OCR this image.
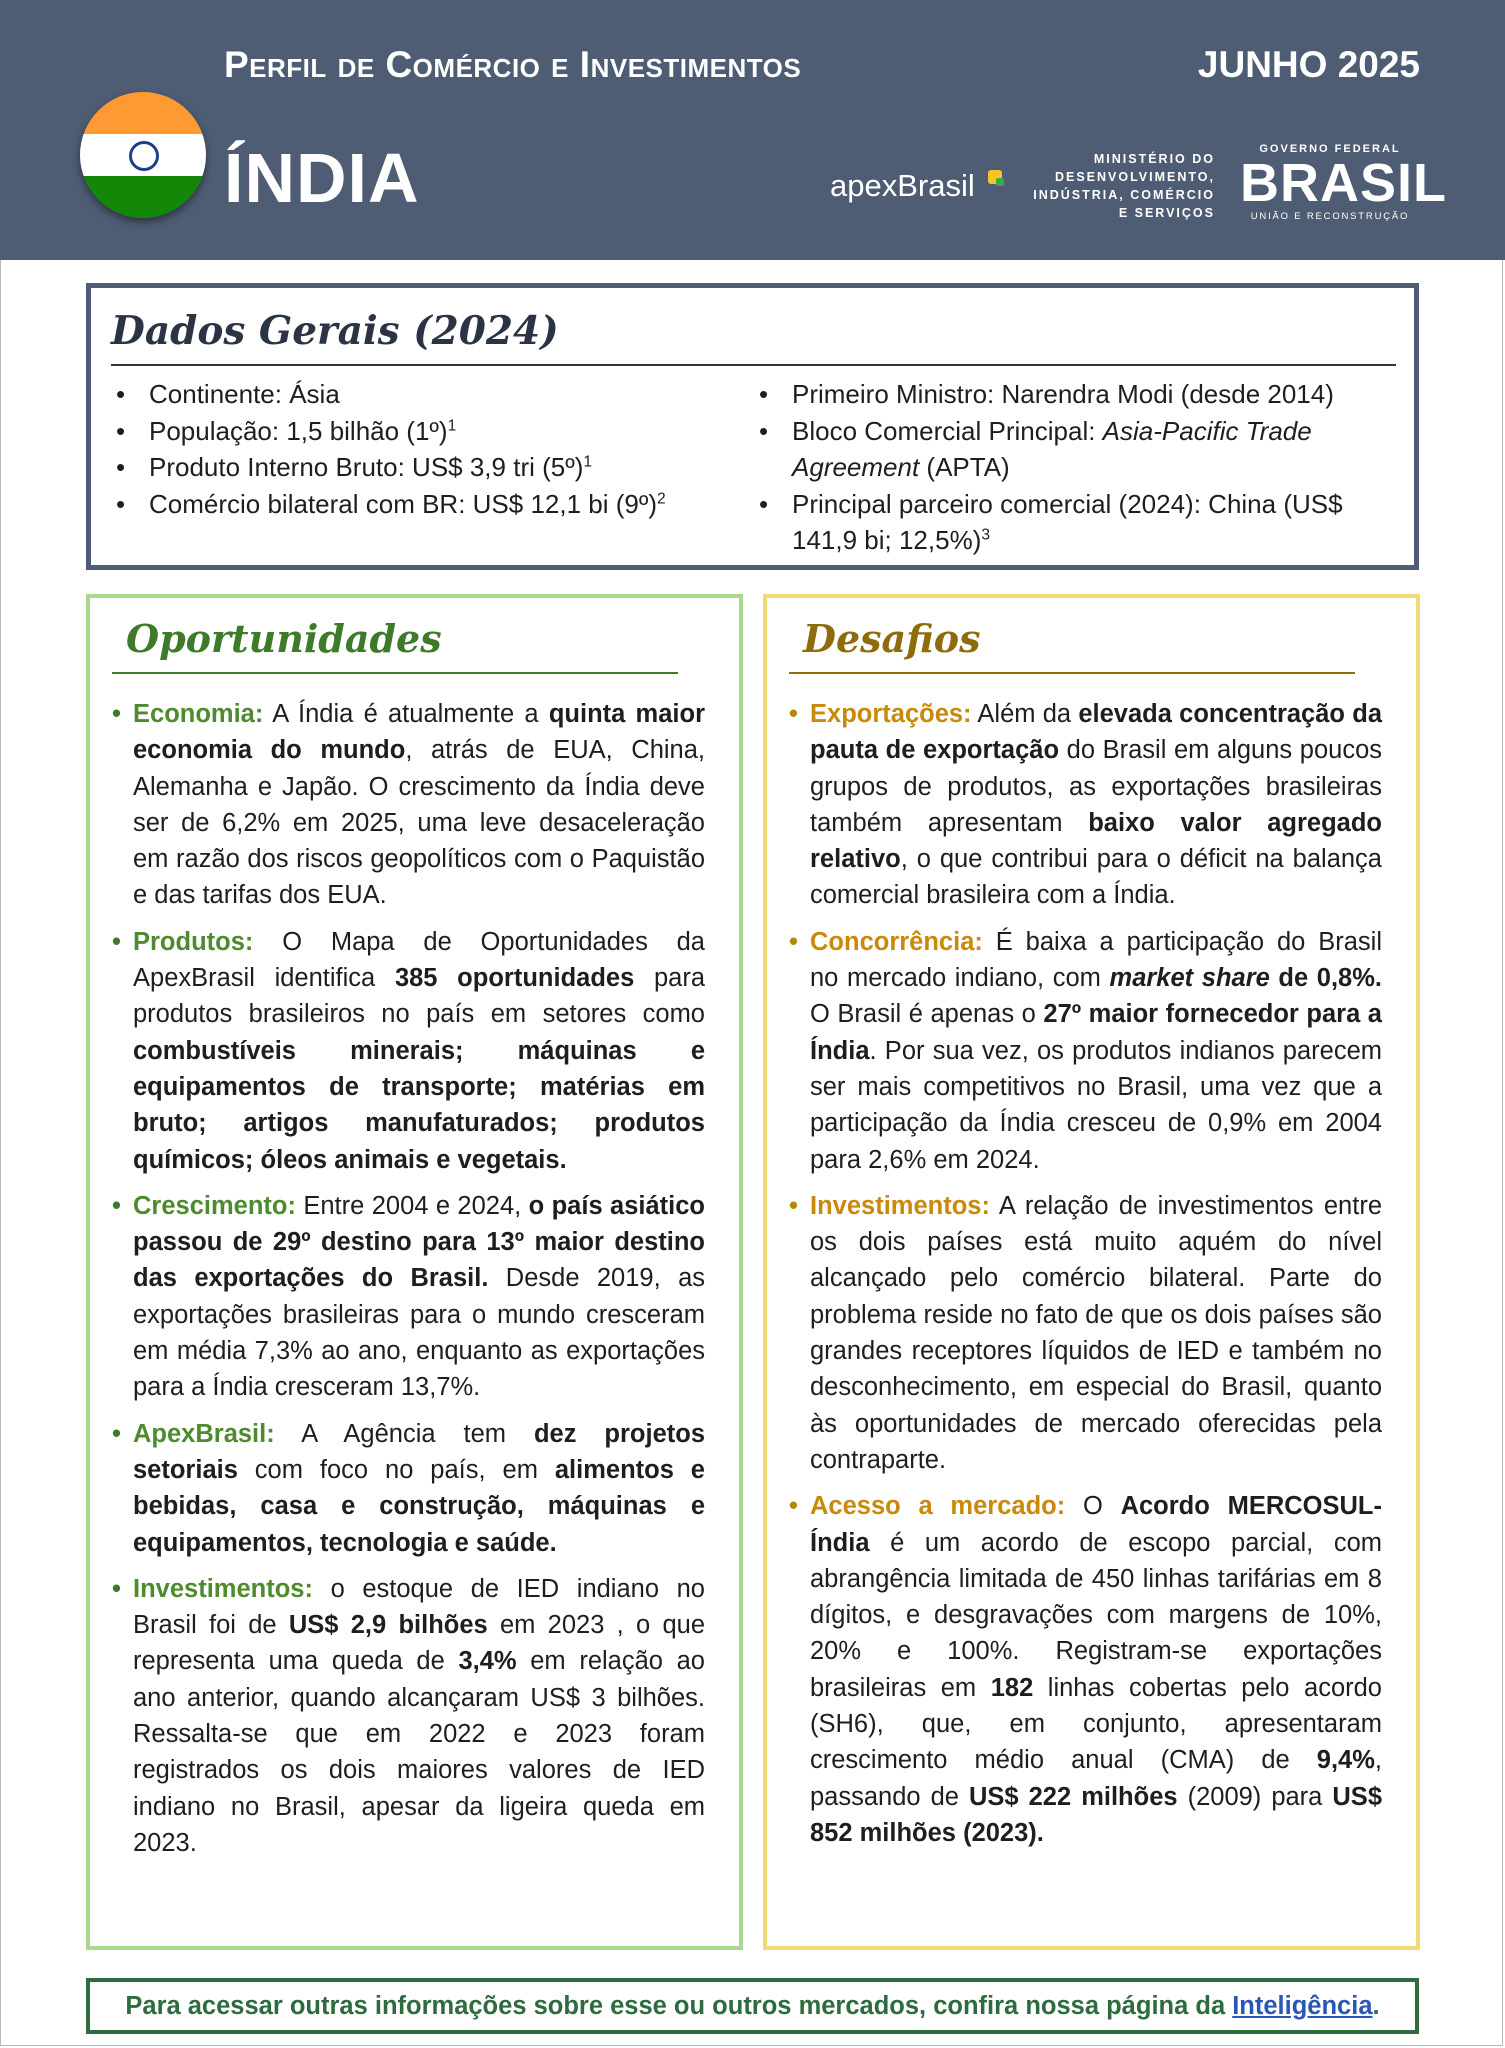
Perfil de Comércio e Investimentos	JUNHO 2025
ÍNDIA	apexBrasil
MINISTÉRIO DO
DESENVOLVIMENTO,
INDÚSTRIA, COMÉRCIO
E SERVIÇOS
GOVERNO FEDERAL
BRASIL
UNIÃO E RECONSTRUÇÃO
Dados Gerais (2024)
• Continente: Ásia
• População: 1,5 bilhão (1º)$^1$
• Produto Interno Bruto: US$ 3,9 tri (5º)$^1$
• Comércio bilateral com BR: US$ 12,1 bi (9º)$^2$
• Primeiro Ministro: Narendra Modi (desde 2014)
• Bloco Comercial Principal: Asia-Pacific Trade Agreement (APTA)
• Principal parceiro comercial (2024): China (US$ 141,9 bi; 12,5%)$^3$
Oportunidades
• Economia: A Índia é atualmente a quinta maior economia do mundo, atrás de EUA, China, Alemanha e Japão. O crescimento da Índia deve ser de 6,2% em 2025, uma leve desaceleração em razão dos riscos geopolíticos com o Paquistão e das tarifas dos EUA.
• Produtos: O Mapa de Oportunidades da ApexBrasil identifica 385 oportunidades para produtos brasileiros no país em setores como combustíveis minerais; máquinas e equipamentos de transporte; matérias em bruto; artigos manufaturados; produtos químicos; óleos animais e vegetais.
• Crescimento: Entre 2004 e 2024, o país asiático passou de 29º destino para 13º maior destino das exportações do Brasil. Desde 2019, as exportações brasileiras para o mundo cresceram em média 7,3% ao ano, enquanto as exportações para a Índia cresceram 13,7%.
• ApexBrasil: A Agência tem dez projetos setoriais com foco no país, em alimentos e bebidas, casa e construção, máquinas e equipamentos, tecnologia e saúde.
• Investimentos: o estoque de IED indiano no Brasil foi de US$ 2,9 bilhões em 2023 , o que representa uma queda de 3,4% em relação ao ano anterior, quando alcançaram US$ 3 bilhões. Ressalta-se que em 2022 e 2023 foram registrados os dois maiores valores de IED indiano no Brasil, apesar da ligeira queda em 2023.
Desafios
• Exportações: Além da elevada concentração da pauta de exportação do Brasil em alguns poucos grupos de produtos, as exportações brasileiras também apresentam baixo valor agregado relativo, o que contribui para o déficit na balança comercial brasileira com a Índia.
• Concorrência: É baixa a participação do Brasil no mercado indiano, com market share de 0,8%. O Brasil é apenas o 27º maior fornecedor para a Índia. Por sua vez, os produtos indianos parecem ser mais competitivos no Brasil, uma vez que a participação da Índia cresceu de 0,9% em 2004 para 2,6% em 2024.
• Investimentos: A relação de investimentos entre os dois países está muito aquém do nível alcançado pelo comércio bilateral. Parte do problema reside no fato de que os dois países são grandes receptores líquidos de IED e também no desconhecimento, em especial do Brasil, quanto às oportunidades de mercado oferecidas pela contraparte.
• Acesso a mercado: O Acordo MERCOSUL-Índia é um acordo de escopo parcial, com abrangência limitada de 450 linhas tarifárias em 8 dígitos, e desgravações com margens de 10%, 20% e 100%. Registram-se exportações brasileiras em 182 linhas cobertas pelo acordo (SH6), que, em conjunto, apresentaram crescimento médio anual (CMA) de 9,4%, passando de US$ 222 milhões (2009) para US$ 852 milhões (2023).
Para acessar outras informações sobre esse ou outros mercados, confira nossa página da Inteligência.
